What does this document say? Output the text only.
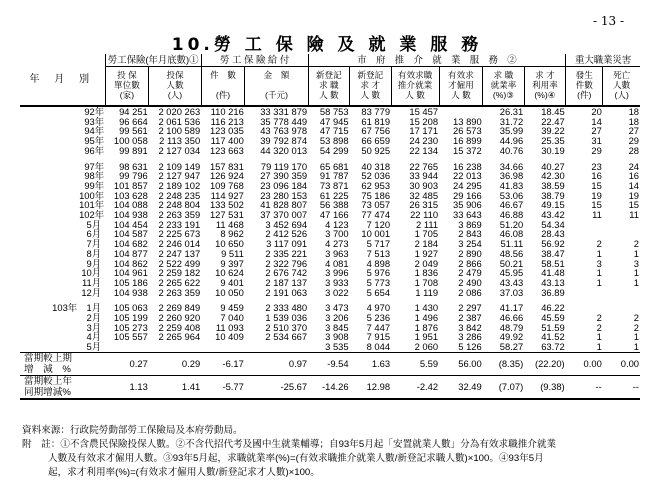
- 13 -
10.勞 工 保 險 及 就 業 服 務
年 月 別	勞工保險(年月底數)①		勞 工 保 險 給 付		市　府　推　介　就　業　服　務　②						重大職業災害	
	投 保
單位數
(家)	投保
人數
(人)	件　數

(件)	金　額

(千元)	新登記
求 職
人 數	新登記
求 才
人 數	有效求職
推介就業
人 數	有效求
才僱用
人 數	求 職
就業率
(%)③	求 才
利用率
(%)④	發生
件數
(件)	死亡
人數
(人)
92年	94 251	2 020 263	110 216	33 331 879	58 753	83 779	15 457		26.31	18.45	20	18
93年	96 664	2 061 536	116 213	35 778 449	47 945	61 819	15 208	13 890	31.72	22.47	14	18
94年	99 561	2 100 589	123 035	43 763 978	47 715	67 756	17 171	26 573	35.99	39.22	27	27
95年	100 058	2 113 350	117 400	39 792 874	53 898	66 659	24 230	16 899	44.96	25.35	31	29
96年	99 891	2 127 034	123 663	44 320 013	54 299	50 925	22 134	15 372	40.76	30.19	29	28

97年	98 631	2 109 149	157 831	79 119 170	65 681	40 318	22 765	16 238	34.66	40.27	23	24
98年	99 796	2 127 947	126 924	27 390 359	91 787	52 036	33 944	22 013	36.98	42.30	16	16
99年	101 857	2 189 102	109 768	23 096 184	73 871	62 953	30 903	24 295	41.83	38.59	15	14
100年	103 628	2 248 235	114 927	23 280 153	61 225	75 186	32 485	29 166	53.06	38.79	19	19
101年	104 088	2 248 804	133 502	41 828 807	56 388	73 057	26 315	35 906	46.67	49.15	15	15
102年	104 938	2 263 359	127 531	37 370 007	47 166	77 474	22 110	33 643	46.88	43.42	11	11
5月	104 454	2 233 191	11 468	3 452 694	4 123	7 120	2 111	3 869	51.20	54.34		
6月	104 587	2 225 673	8 962	2 412 526	3 700	10 001	1 705	2 843	46.08	28.43		
7月	104 682	2 246 014	10 650	3 117 091	4 273	5 717	2 184	3 254	51.11	56.92	2	2
8月	104 877	2 247 137	9 511	2 335 221	3 963	7 513	1 927	2 890	48.56	38.47	1	1
9月	104 862	2 522 499	9 397	2 322 796	4 081	4 898	2 049	2 866	50.21	58.51	3	3
10月	104 961	2 259 182	10 624	2 676 742	3 996	5 976	1 836	2 479	45.95	41.48	1	1
11月	105 186	2 265 622	9 401	2 187 137	3 933	5 773	1 708	2 490	43.43	43.13	1	1
12月	104 938	2 263 359	10 050	2 191 063	3 022	5 654	1 119	2 086	37.03	36.89		

103年　1月	105 063	2 269 849	9 459	2 333 480	3 473	4 970	1 430	2 297	41.17	46.22		
2月	105 199	2 260 920	7 040	1 539 036	3 206	5 236	1 496	2 387	46.66	45.59	2	2
3月	105 273	2 259 408	11 093	2 510 370	3 845	7 447	1 876	3 842	48.79	51.59	2	2
4月	105 557	2 265 964	10 409	2 534 667	3 908	7 915	1 951	3 286	49.92	41.52	1	1
5月					3 535	8 044	2 060	5 126	58.27	63.72	1	1
當期較上期
增　減　%	0.27	0.29	-6.17	0.97	-9.54	1.63	5.59	56.00	(8.35)	(22.20)	0.00	0.00
當期較上年
同期增減%	1.13	1.41	-5.77	-25.67	-14.26	12.98	-2.42	32.49	(7.07)	(9.38)	--	--

資料來源：行政院勞動部勞工保險局及本府勞動局。

附　註：①不含農民保險投保人數。②不含代招代考及國中生就業輔導；自93年5月起「安置就業人數」分為有效求職推介就業

人數及有效求才僱用人數。③93年5月起，求職就業率(%)=(有效求職推介就業人數/新登記求職人數)×100。④93年5月

起，求才利用率(%)=(有效求才僱用人數/新登記求才人數)×100。
